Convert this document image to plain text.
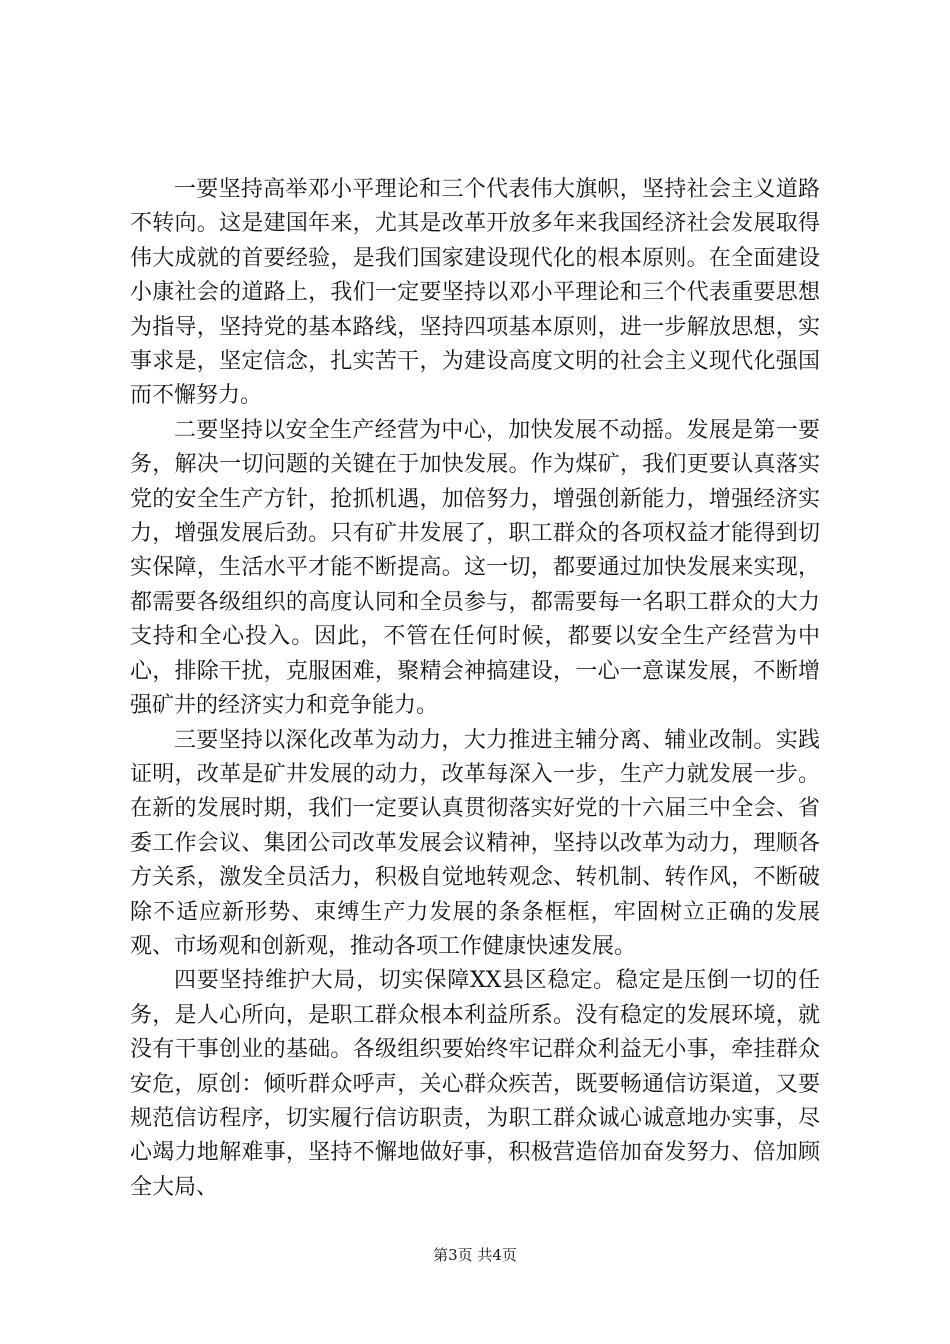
一要坚持高举邓小平理论和三个代表伟大旗帜，坚持社会主义道路不转向。这是建国年来，尤其是改革开放多年来我国经济社会发展取得伟大成就的首要经验，是我们国家建设现代化的根本原则。在全面建设小康社会的道路上，我们一定要坚持以邓小平理论和三个代表重要思想为指导，坚持党的基本路线，坚持四项基本原则，进一步解放思想，实事求是，坚定信念，扎实苦干，为建设高度文明的社会主义现代化强国而不懈努力。

二要坚持以安全生产经营为中心，加快发展不动摇。发展是第一要务，解决一切问题的关键在于加快发展。作为煤矿，我们更要认真落实党的安全生产方针，抢抓机遇，加倍努力，增强创新能力，增强经济实力，增强发展后劲。只有矿井发展了，职工群众的各项权益才能得到切实保障，生活水平才能不断提高。这一切，都要通过加快发展来实现，都需要各级组织的高度认同和全员参与，都需要每一名职工群众的大力支持和全心投入。因此，不管在任何时候，都要以安全生产经营为中心，排除干扰，克服困难，聚精会神搞建设，一心一意谋发展，不断增强矿井的经济实力和竞争能力。

三要坚持以深化改革为动力，大力推进主辅分离、辅业改制。实践证明，改革是矿井发展的动力，改革每深入一步，生产力就发展一步。在新的发展时期，我们一定要认真贯彻落实好党的十六届三中全会、省委工作会议、集团公司改革发展会议精神，坚持以改革为动力，理顺各方关系，激发全员活力，积极自觉地转观念、转机制、转作风，不断破除不适应新形势、束缚生产力发展的条条框框，牢固树立正确的发展观、市场观和创新观，推动各项工作健康快速发展。

四要坚持维护大局，切实保障XX县区稳定。稳定是压倒一切的任务，是人心所向，是职工群众根本利益所系。没有稳定的发展环境，就没有干事创业的基础。各级组织要始终牢记群众利益无小事，牵挂群众安危，原创：倾听群众呼声，关心群众疾苦，既要畅通信访渠道，又要规范信访程序，切实履行信访职责，为职工群众诚心诚意地办实事，尽心竭力地解难事，坚持不懈地做好事，积极营造倍加奋发努力、倍加顾全大局、

第3页 共4页
